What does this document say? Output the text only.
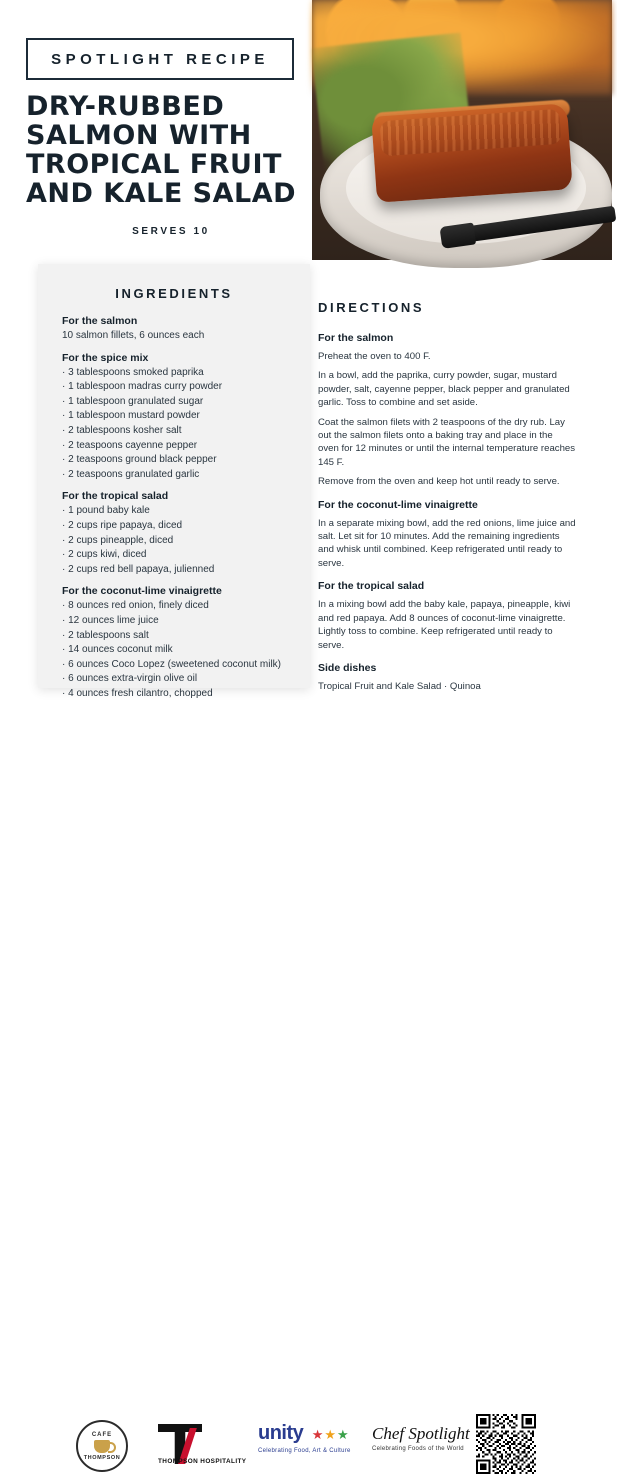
SPOTLIGHT RECIPE
DRY-RUBBED SALMON WITH TROPICAL FRUIT AND KALE SALAD
SERVES 10
INGREDIENTS
For the salmon
10 salmon fillets, 6 ounces each
For the spice mix
· 3 tablespoons smoked paprika
· 1 tablespoon madras curry powder
· 1 tablespoon granulated sugar
· 1 tablespoon mustard powder
· 2 tablespoons kosher salt
· 2 teaspoons cayenne pepper
· 2 teaspoons ground black pepper
· 2 teaspoons granulated garlic
For the tropical salad
· 1 pound baby kale
· 2 cups ripe papaya, diced
· 2 cups pineapple, diced
· 2 cups kiwi, diced
· 2 cups red bell papaya, julienned
For the coconut-lime vinaigrette
· 8 ounces red onion, finely diced
· 12 ounces lime juice
· 2 tablespoons salt
· 14 ounces coconut milk
· 6 ounces Coco Lopez (sweetened coconut milk)
· 6 ounces extra-virgin olive oil
· 4 ounces fresh cilantro, chopped
DIRECTIONS
For the salmon
Preheat the oven to 400 F.
In a bowl, add the paprika, curry powder, sugar, mustard powder, salt, cayenne pepper, black pepper and granulated garlic. Toss to combine and set aside.
Coat the salmon filets with 2 teaspoons of the dry rub. Lay out the salmon filets onto a baking tray and place in the oven for 12 minutes or until the internal temperature reaches 145 F.
Remove from the oven and keep hot until ready to serve.
For the coconut-lime vinaigrette
In a separate mixing bowl, add the red onions, lime juice and salt. Let sit for 10 minutes. Add the remaining ingredients and whisk until combined. Keep refrigerated until ready to serve.
For the tropical salad
In a mixing bowl add the baby kale, papaya, pineapple, kiwi and red papaya. Add 8 ounces of coconut-lime vinaigrette. Lightly toss to combine. Keep refrigerated until ready to serve.
Side dishes
Tropical Fruit and Kale Salad · Quinoa
CAFE
THOMPSON
THOMPSON HOSPITALITY
unity ★★★
Celebrating Food, Art & Culture
Chef Spotlight
Celebrating Foods of the World
